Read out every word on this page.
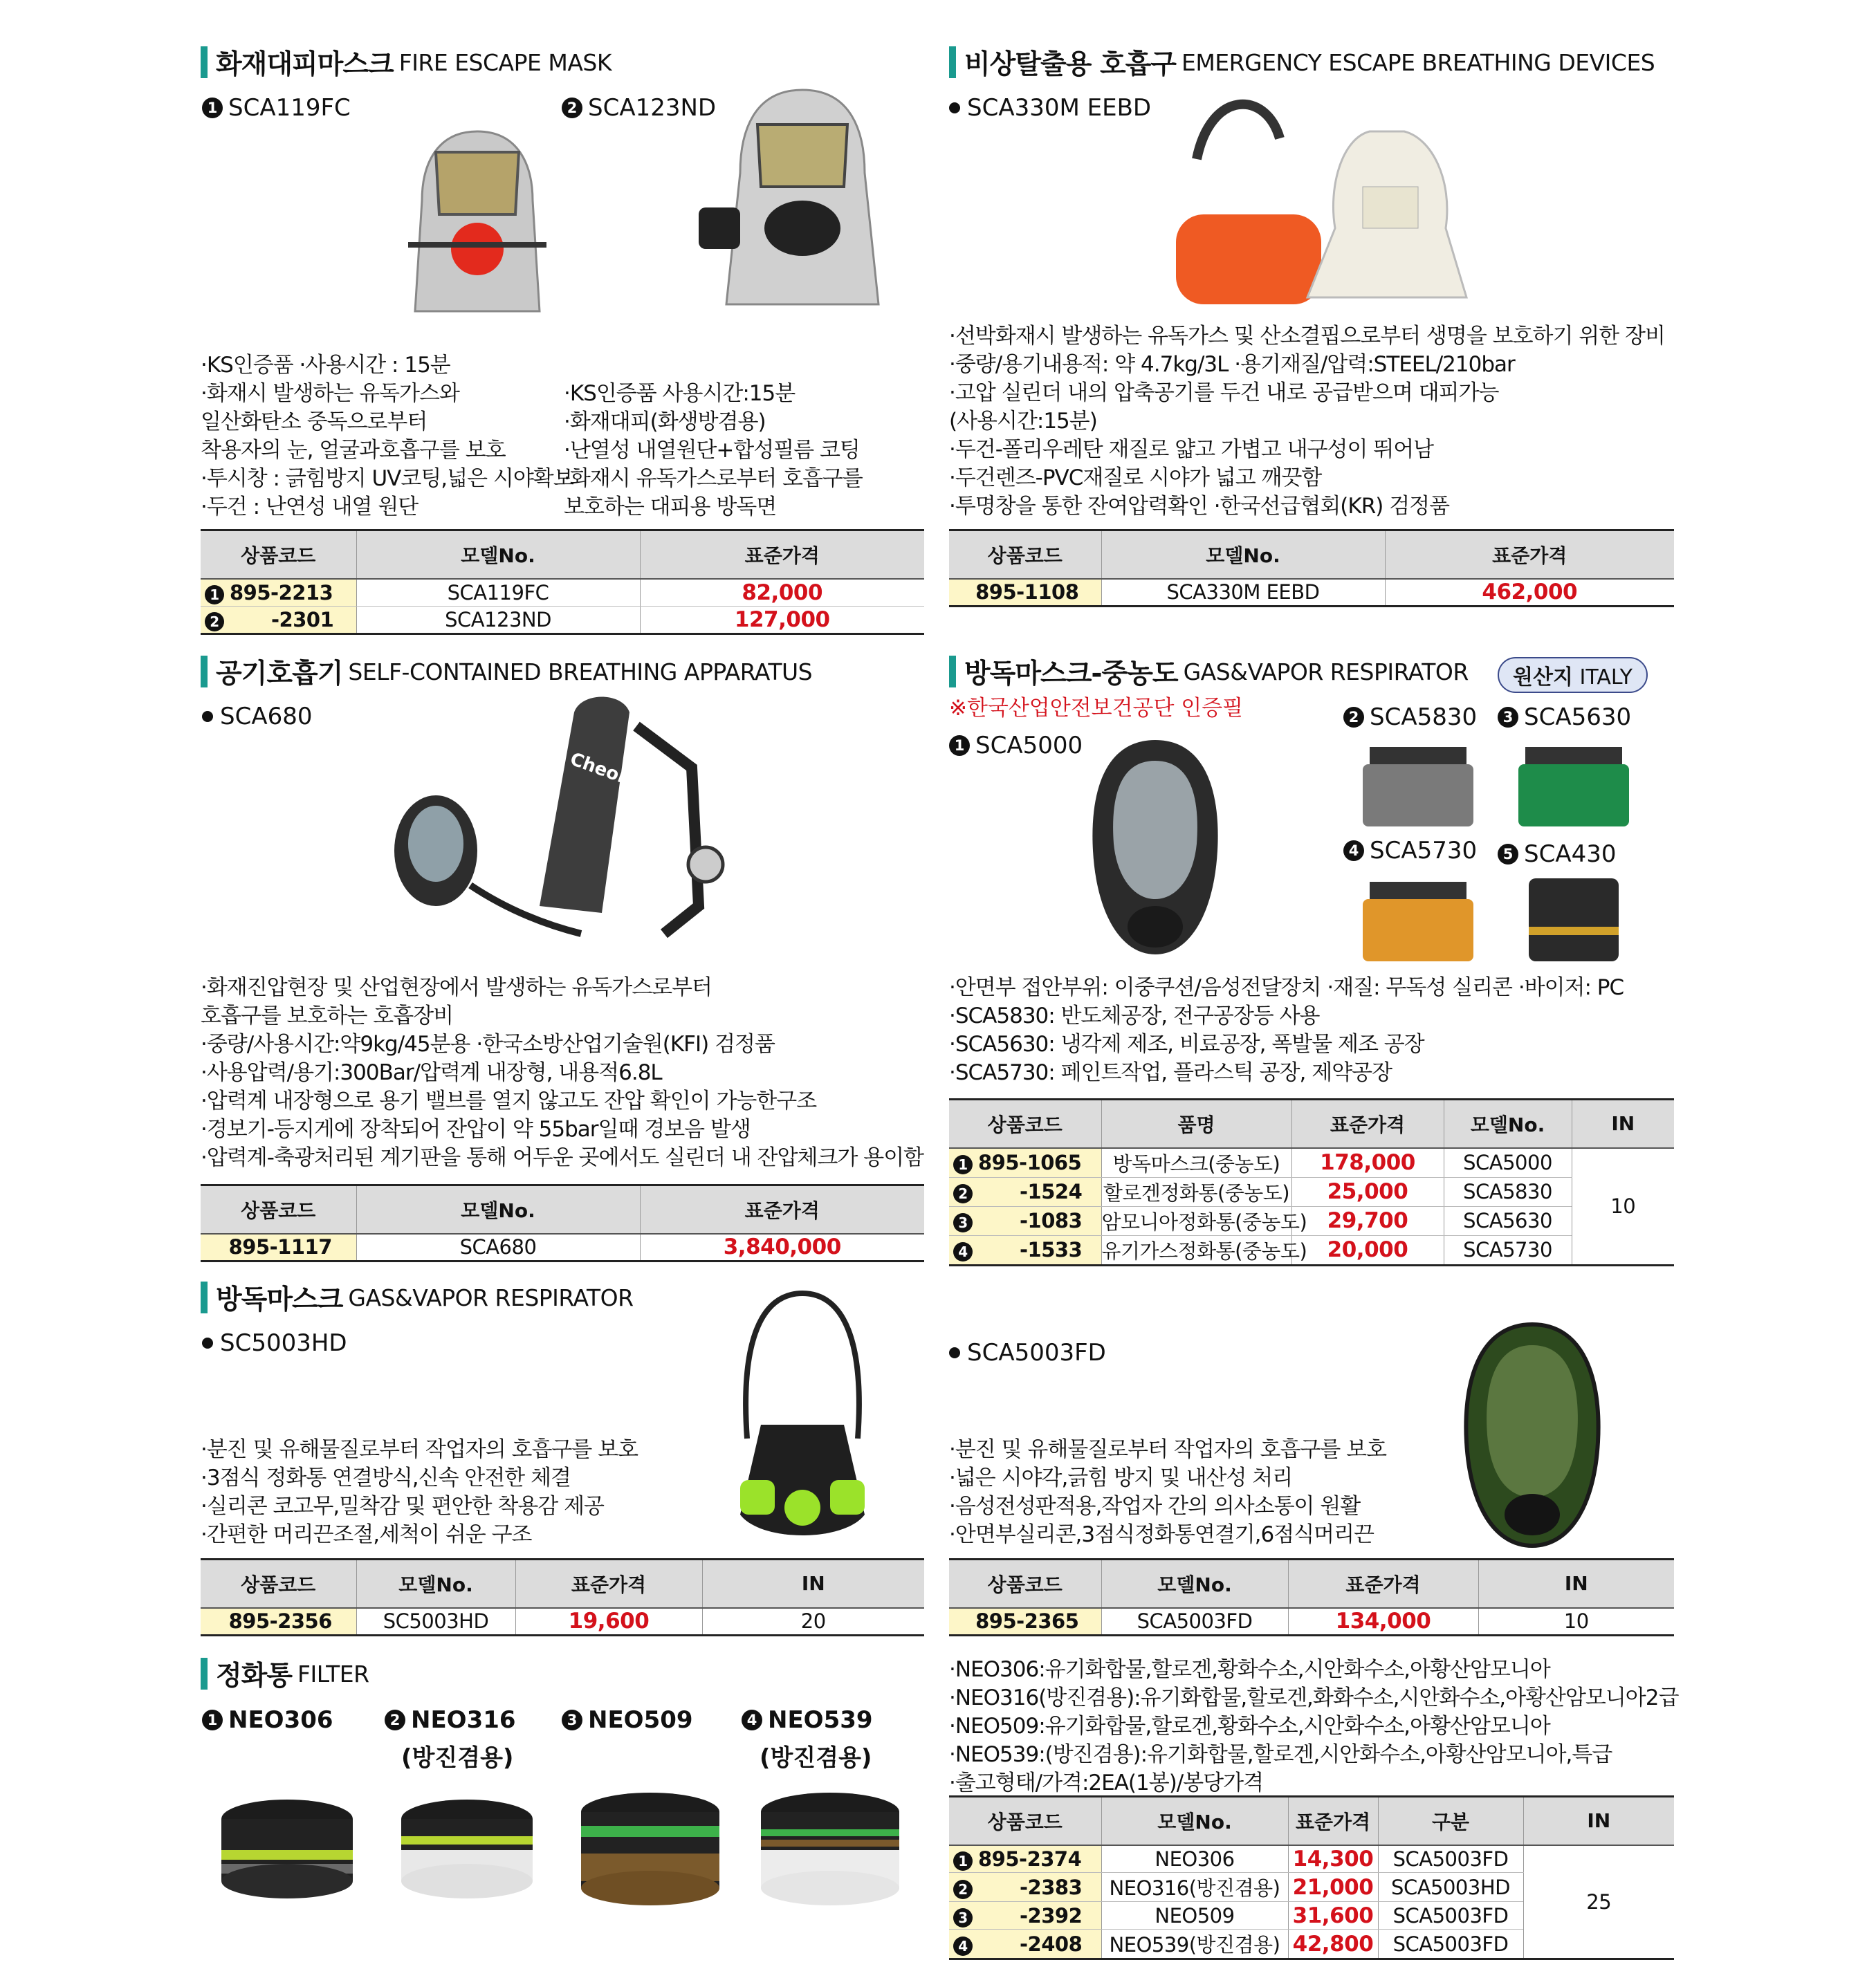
화재대피마스크 FIRE ESCAPE MASK
1 SCA119FC	2 SCA123ND
·KS인증품 ·사용시간 : 15분
·화재시 발생하는 유독가스와
일산화탄소 중독으로부터
착용자의 눈, 얼굴과호흡구를 보호
·투시창 : 긁힘방지 UV코팅,넓은 시야확보
·두건 : 난연성 내열 원단
·KS인증품 사용시간:15분
·화재대피(화생방겸용)
·난열성 내열원단+합성필름 코팅
·화재시 유독가스로부터 호흡구를
보호하는 대피용 방독면
상품코드	모델No.	표준가격
1 895-2213	SCA119FC	82,000
2 -2301	SCA123ND	127,000
비상탈출용 호흡구 EMERGENCY ESCAPE BREATHING DEVICES
SCA330M EEBD
·선박화재시 발생하는 유독가스 및 산소결핍으로부터 생명을 보호하기 위한 장비
·중량/용기내용적: 약 4.7kg/3L ·용기재질/압력:STEEL/210bar
·고압 실린더 내의 압축공기를 두건 내로 공급받으며 대피가능
(사용시간:15분)
·두건-폴리우레탄 재질로 얇고 가볍고 내구성이 뛰어남
·두건렌즈-PVC재질로 시야가 넓고 깨끗함
·투명창을 통한 잔여압력확인 ·한국선급협회(KR) 검정품
상품코드	모델No.	표준가격
895-1108	SCA330M EEBD	462,000
공기호흡기 SELF-CONTAINED BREATHING APPARATUS
SCA680
Cheong
·화재진압현장 및 산업현장에서 발생하는 유독가스로부터
호흡구를 보호하는 호흡장비
·중량/사용시간:약9kg/45분용 ·한국소방산업기술원(KFI) 검정품
·사용압력/용기:300Bar/압력계 내장형, 내용적6.8L
·압력계 내장형으로 용기 밸브를 열지 않고도 잔압 확인이 가능한구조
·경보기-등지게에 장착되어 잔압이 약 55bar일때 경보음 발생
·압력계-축광처리된 계기판을 통해 어두운 곳에서도 실린더 내 잔압체크가 용이함
상품코드	모델No.	표준가격
895-1117	SCA680	3,840,000
방독마스크-중농도 GAS&VAPOR RESPIRATOR	원산지 ITALY
※한국산업안전보건공단 인증필
1 SCA5000
2 SCA5830	3 SCA5630
4 SCA5730	5 SCA430
·안면부 접안부위: 이중쿠션/음성전달장치 ·재질: 무독성 실리콘 ·바이저: PC
·SCA5830: 반도체공장, 전구공장등 사용
·SCA5630: 냉각제 제조, 비료공장, 폭발물 제조 공장
·SCA5730: 페인트작업, 플라스틱 공장, 제약공장
상품코드	품명	표준가격	모델No.	IN
1 895-1065	방독마스크(중농도)	178,000	SCA5000	10
2 -1524	할로겐정화통(중농도)	25,000	SCA5830	
3 -1083	암모니아정화통(중농도)	29,700	SCA5630	
4 -1533	유기가스정화통(중농도)	20,000	SCA5730	
방독마스크 GAS&VAPOR RESPIRATOR
SC5003HD
·분진 및 유해물질로부터 작업자의 호흡구를 보호
·3점식 정화통 연결방식,신속 안전한 체결
·실리콘 코고무,밀착감 및 편안한 착용감 제공
·간편한 머리끈조절,세척이 쉬운 구조
상품코드	모델No.	표준가격	IN
895-2356	SC5003HD	19,600	20
SCA5003FD
·분진 및 유해물질로부터 작업자의 호흡구를 보호
·넓은 시야각,긁힘 방지 및 내산성 처리
·음성전성판적용,작업자 간의 의사소통이 원활
·안면부실리콘,3점식정화통연결기,6점식머리끈
상품코드	모델No.	표준가격	IN
895-2365	SCA5003FD	134,000	10
정화통 FILTER
1 NEO306	2 NEO316
(방진겸용)
3 NEO509	4 NEO539
(방진겸용)
·NEO306:유기화합물,할로겐,황화수소,시안화수소,아황산암모니아
·NEO316(방진겸용):유기화합물,할로겐,화화수소,시안화수소,아황산암모니아2급
·NEO509:유기화합물,할로겐,황화수소,시안화수소,아황산암모니아
·NEO539:(방진겸용):유기화합물,할로겐,시안화수소,아황산암모니아,특급
·출고형태/가격:2EA(1봉)/봉당가격
상품코드	모델No.	표준가격	구분	IN
1 895-2374	NEO306	14,300	SCA5003FD	25
2 -2383	NEO316(방진겸용)	21,000	SCA5003HD	
3 -2392	NEO509	31,600	SCA5003FD	
4 -2408	NEO539(방진겸용)	42,800	SCA5003FD	
